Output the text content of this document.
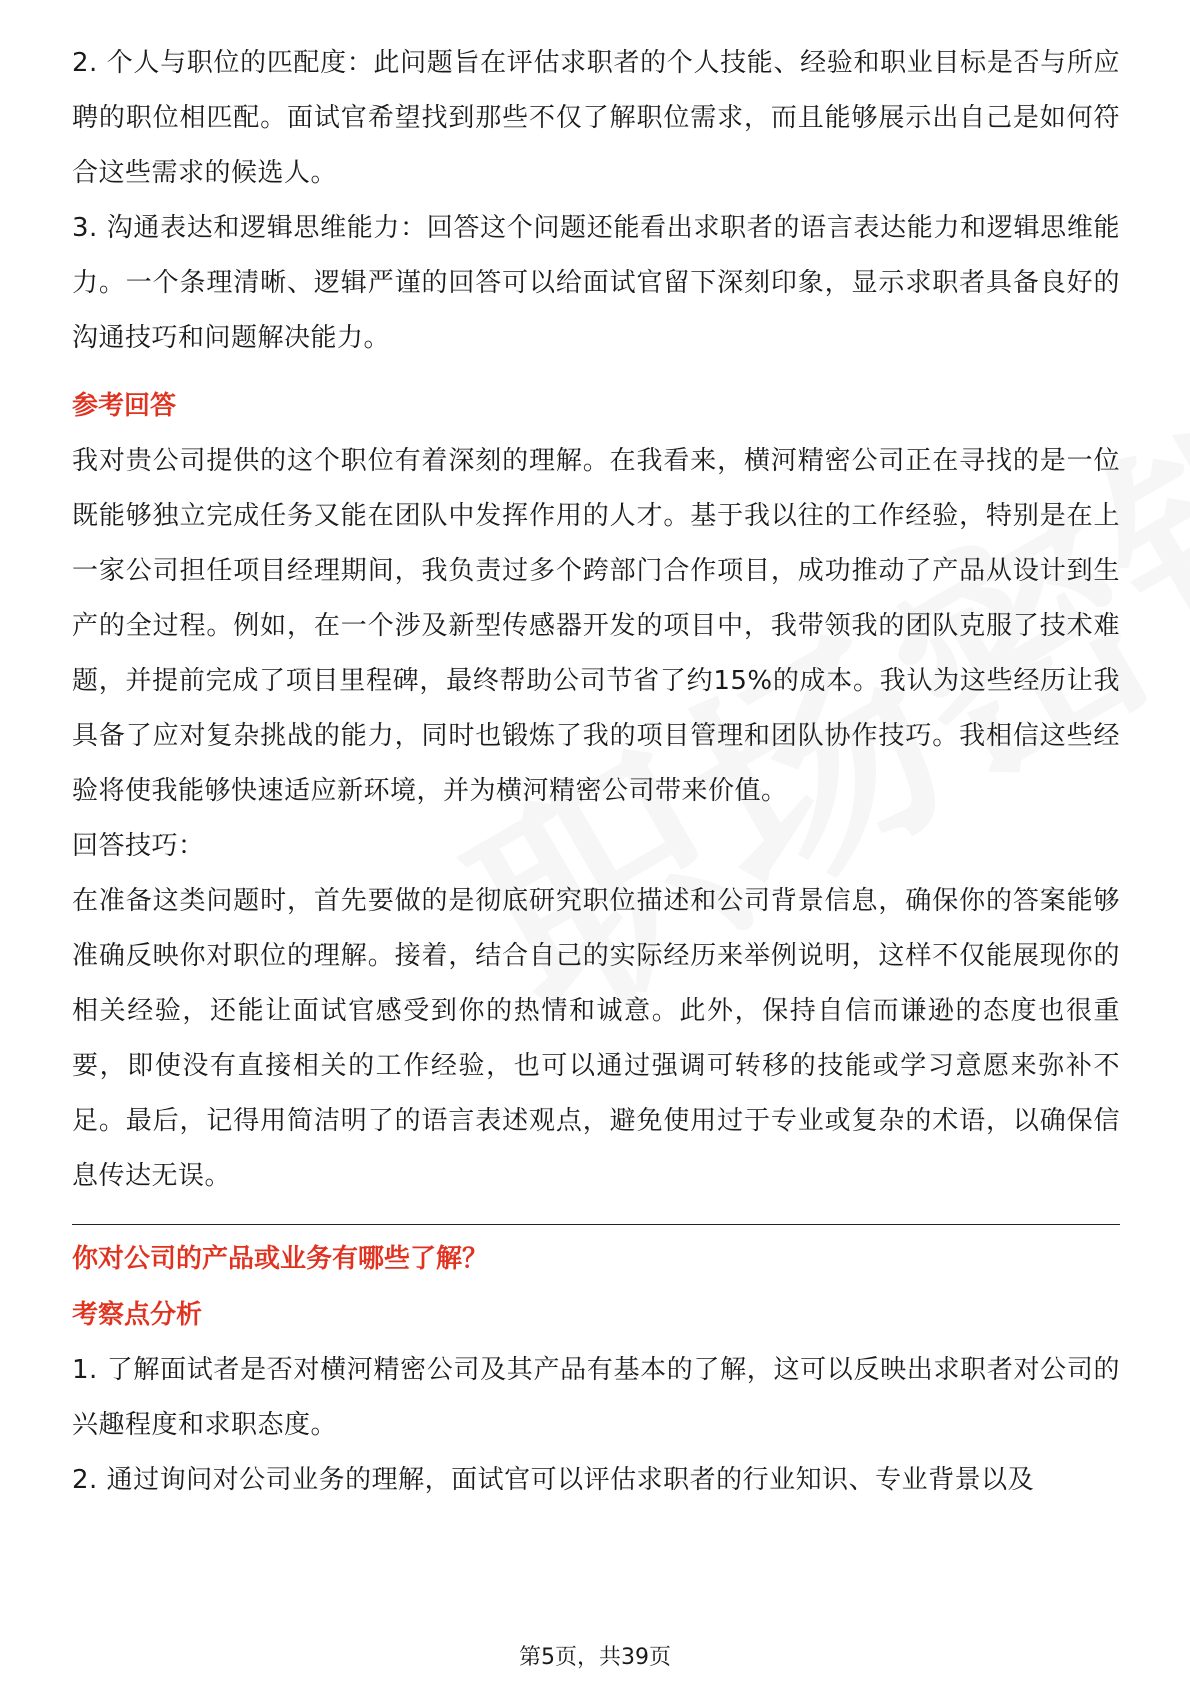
2. 个人与职位的匹配度：此问题旨在评估求职者的个人技能、经验和职业目标是否与所应聘的职位相匹配。面试官希望找到那些不仅了解职位需求，而且能够展示出自己是如何符合这些需求的候选人。

3. 沟通表达和逻辑思维能力：回答这个问题还能看出求职者的语言表达能力和逻辑思维能力。一个条理清晰、逻辑严谨的回答可以给面试官留下深刻印象，显示求职者具备良好的沟通技巧和问题解决能力。

参考回答

我对贵公司提供的这个职位有着深刻的理解。在我看来，横河精密公司正在寻找的是一位既能够独立完成任务又能在团队中发挥作用的人才。基于我以往的工作经验，特别是在上一家公司担任项目经理期间，我负责过多个跨部门合作项目，成功推动了产品从设计到生产的全过程。例如，在一个涉及新型传感器开发的项目中，我带领我的团队克服了技术难题，并提前完成了项目里程碑，最终帮助公司节省了约15%的成本。我认为这些经历让我具备了应对复杂挑战的能力，同时也锻炼了我的项目管理和团队协作技巧。我相信这些经验将使我能够快速适应新环境，并为横河精密公司带来价值。

回答技巧：

在准备这类问题时，首先要做的是彻底研究职位描述和公司背景信息，确保你的答案能够准确反映你对职位的理解。接着，结合自己的实际经历来举例说明，这样不仅能展现你的相关经验，还能让面试官感受到你的热情和诚意。此外，保持自信而谦逊的态度也很重要，即使没有直接相关的工作经验，也可以通过强调可转移的技能或学习意愿来弥补不足。最后，记得用简洁明了的语言表述观点，避免使用过于专业或复杂的术语，以确保信息传达无误。

你对公司的产品或业务有哪些了解？

考察点分析

1. 了解面试者是否对横河精密公司及其产品有基本的了解，这可以反映出求职者对公司的兴趣程度和求职态度。

2. 通过询问对公司业务的理解，面试官可以评估求职者的行业知识、专业背景以及

第5页，共39页
